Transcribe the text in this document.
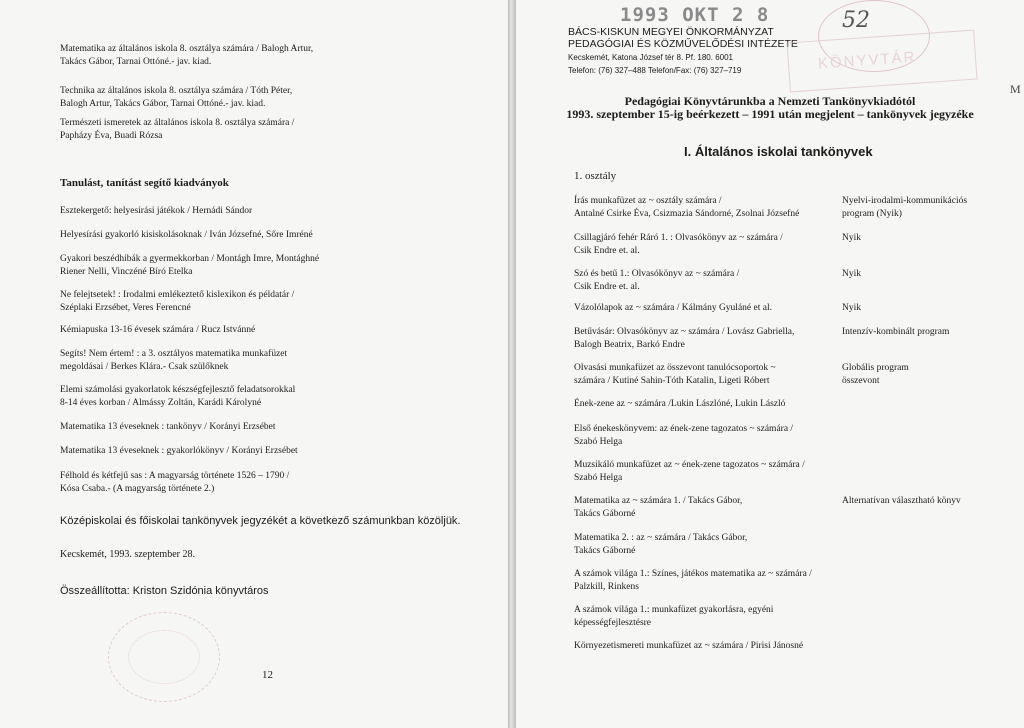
Matematika az általános iskola 8. osztálya számára / Balogh Artur,
Takács Gábor, Tarnai Ottóné.- jav. kiad.
Technika az általános iskola 8. osztálya számára / Tóth Péter,
Balogh Artur, Takács Gábor, Tarnai Ottóné.- jav. kiad.
Természeti ismeretek az általános iskola 8. osztálya számára /
Papházy Éva, Buadi Rózsa
Tanulást, tanítást segítő kiadványok
Esztekergető: helyesírási játékok / Hernádi Sándor
Helyesírási gyakorló kisiskolásoknak / Iván Józsefné, Sőre Imréné
Gyakori beszédhibák a gyermekkorban / Montágh Imre, Montághné
Riener Nelli, Vinczéné Bíró Etelka
Ne felejtsetek! : Irodalmi emlékeztető kislexikon és példatár /
Széplaki Erzsébet, Veres Ferencné
Kémiapuska 13-16 évesek számára / Rucz Istvánné
Segíts! Nem értem! : a 3. osztályos matematika munkafüzet
megoldásai / Berkes Klára.- Csak szülőknek
Elemi számolási gyakorlatok készségfejlesztő feladatsorokkal
8-14 éves korban / Almássy Zoltán, Karádi Károlyné
Matematika 13 éveseknek : tankönyv / Korányi Erzsébet
Matematika 13 éveseknek : gyakorlókönyv / Korányi Erzsébet
Félhold és kétfejű sas : A magyarság története 1526 – 1790 /
Kósa Csaba.- (A magyarság története 2.)
Középiskolai és főiskolai tankönyvek jegyzékét a következő számunkban közöljük.
Kecskemét, 1993. szeptember 28.
Összeállította: Kriston Szidónia könyvtáros
12
52
1993 OKT 2 8
BÁCS-KISKUN MEGYEI ÖNKORMÁNYZAT
PEDAGÓGIAI ÉS KÖZMŰVELŐDÉSI INTÉZETE
Kecskemét, Katona József tér 8. Pf. 180. 6001
Telefon: (76) 327–488 Telefon/Fax: (76) 327–719	KÖNYVTÁR
M
Pedagógiai Könyvtárunkba a Nemzeti Tankönyvkiadótól
1993. szeptember 15-ig beérkezett – 1991 után megjelent – tankönyvek jegyzéke
I. Általános iskolai tankönyvek
1. osztály
Írás munkafüzet az ~ osztály számára /
Antalné Csirke Éva, Csizmazia Sándorné, Zsolnai Józsefné
Nyelvi-irodalmi-kommunikációs
program (Nyik)
Csillagjáró fehér Ráró 1. : Olvasókönyv az ~ számára /
Csik Endre et. al.
Nyik
Szó és betű 1.: Olvasókönyv az ~ számára /
Csik Endre et. al.
Nyik
Vázolólapok az ~ számára / Kálmány Gyuláné et al.	Nyik
Betűvásár: Olvasókönyv az ~ számára / Lovász Gabriella,
Balogh Beatrix, Barkó Endre
Intenzív-kombinált program
Olvasási munkafüzet az összevont tanulócsoportok ~
számára / Kutiné Sahin-Tóth Katalin, Ligeti Róbert
Globális program
összevont
Ének-zene az ~ számára /Lukin Lászlóné, Lukin László
Első énekeskönyvem: az ének-zene tagozatos ~ számára /
Szabó Helga
Muzsikáló munkafüzet az ~ ének-zene tagozatos ~ számára /
Szabó Helga
Matematika az ~ számára 1. / Takács Gábor,
Takács Gáborné
Alternatívan választható könyv
Matematika 2. : az ~ számára / Takács Gábor,
Takács Gáborné
A számok világa 1.: Színes, játékos matematika az ~ számára /
Palzkill, Rinkens
A számok világa 1.: munkafüzet gyakorlásra, egyéni
képességfejlesztésre
Környezetismereti munkafüzet az ~ számára / Pirisi Jánosné
